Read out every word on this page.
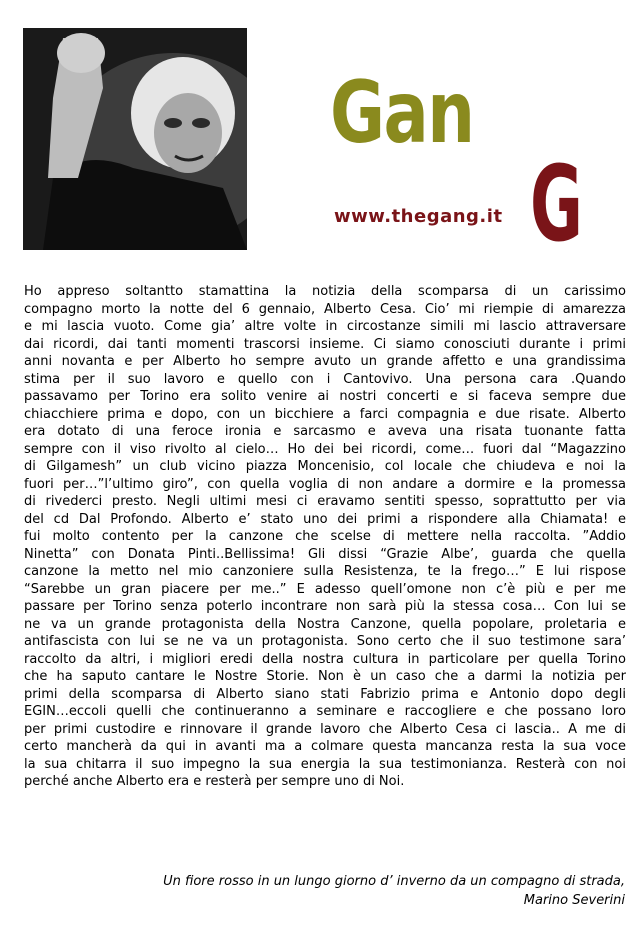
Gan
G
www.thegang.it
Ho appreso soltantto stamattina la notizia della scomparsa di un carissimo
compagno morto la notte del 6 gennaio, Alberto Cesa. Cio’ mi riempie di amarezza
e mi lascia vuoto. Come gia’ altre volte in circostanze simili mi lascio attraversare
dai ricordi, dai tanti momenti trascorsi insieme. Ci siamo conosciuti durante i primi
anni novanta e per Alberto ho sempre avuto un grande affetto e una grandissima
stima per il suo lavoro e quello con i Cantovivo. Una persona cara .Quando
passavamo per Torino era solito venire ai nostri concerti e si faceva sempre due
chiacchiere prima e dopo, con un bicchiere a farci compagnia e due risate. Alberto
era dotato di una feroce ironia e sarcasmo e aveva una risata tuonante fatta
sempre con il viso rivolto al cielo… Ho dei bei ricordi, come… fuori dal “Magazzino
di Gilgamesh” un club vicino piazza Moncenisio, col locale che chiudeva e noi la
fuori per…”l’ultimo giro”, con quella voglia di non andare a dormire e la promessa
di rivederci presto. Negli ultimi mesi ci eravamo sentiti spesso, soprattutto per via
del cd Dal Profondo. Alberto e’ stato uno dei primi a rispondere alla Chiamata! e
fui molto contento per la canzone che scelse di mettere nella raccolta. ”Addio
Ninetta” con Donata Pinti..Bellissima! Gli dissi “Grazie Albe’, guarda che quella
canzone la metto nel mio canzoniere sulla Resistenza, te la frego…” E lui rispose
“Sarebbe un gran piacere per me..” E adesso quell’omone non c’è più e per me
passare per Torino senza poterlo incontrare non sarà più la stessa cosa… Con lui se
ne va un grande protagonista della Nostra Canzone, quella popolare, proletaria e
antifascista con lui se ne va un protagonista. Sono certo che il suo testimone sara’
raccolto da altri, i migliori eredi della nostra cultura in particolare per quella Torino
che ha saputo cantare le Nostre Storie. Non è un caso che a darmi la notizia per
primi della scomparsa di Alberto siano stati Fabrizio prima e Antonio dopo degli
EGIN…eccoli quelli che continueranno a seminare e raccogliere e che possano loro
per primi custodire e rinnovare il grande lavoro che Alberto Cesa ci lascia.. A me di
certo mancherà da qui in avanti ma a colmare questa mancanza resta la sua voce
la sua chitarra il suo impegno la sua energia la sua testimonianza. Resterà con noi
perché anche Alberto era e resterà per sempre uno di Noi.
Un fiore rosso in un lungo giorno d’ inverno da un compagno di strada,
Marino Severini
